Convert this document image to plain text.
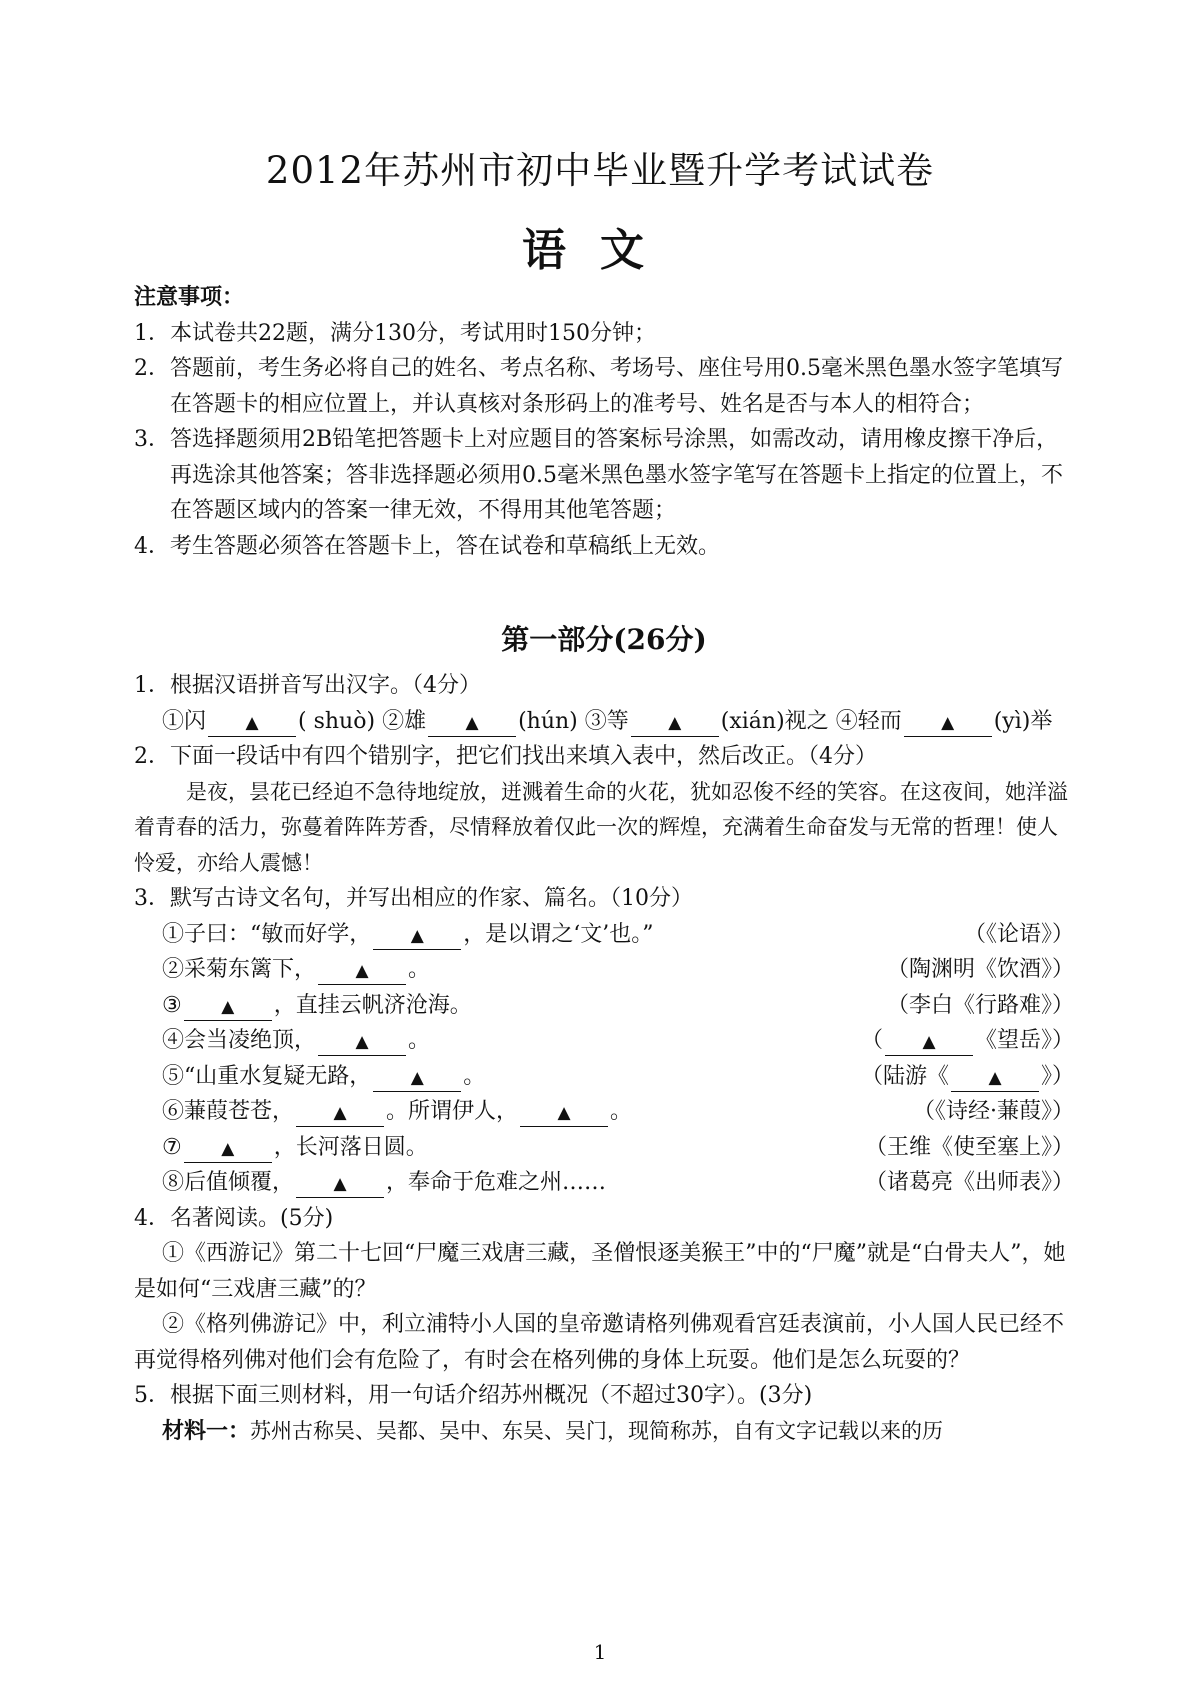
2012年苏州市初中毕业暨升学考试试卷
语文
注意事项：
1． 本试卷共22题，满分130分，考试用时150分钟；
2． 答题前，考生务必将自己的姓名、考点名称、考场号、座住号用0.5毫米黑色墨水签字笔填写在答题卡的相应位置上，并认真核对条形码上的准考号、姓名是否与本人的相符合；
3． 答选择题须用2B铅笔把答题卡上对应题目的答案标号涂黑，如需改动，请用橡皮擦干净后，再选涂其他答案；答非选择题必须用0.5毫米黑色墨水签字笔写在答题卡上指定的位置上，不在答题区域内的答案一律无效，不得用其他笔答题；
4． 考生答题必须答在答题卡上，答在试卷和草稿纸上无效。
第一部分(26分)
1． 根据汉语拼音写出汉字。（4分）
①闪 ▲ ( shuò) ②雄 ▲ (hún) ③等 ▲ (xián)视之 ④轻而 ▲ (yì)举
2． 下面一段话中有四个错别字，把它们找出来填入表中，然后改正。（4分）
是夜，昙花已经迫不急待地绽放，迸溅着生命的火花，犹如忍俊不经的笑容。在这夜间，她洋溢着青春的活力，弥蔓着阵阵芳香，尽情释放着仅此一次的辉煌，充满着生命奋发与无常的哲理！使人怜爱，亦给人震憾！
3． 默写古诗文名句，并写出相应的作家、篇名。（10分）
①子曰：“敏而好学， ▲ ，是以谓之‘文’也。”	（《论语》）
②采菊东篱下， ▲ 。	（陶渊明《饮酒》）
③ ▲ ，直挂云帆济沧海。	（李白《行路难》）
④会当凌绝顶， ▲ 。	（ ▲ 《望岳》）
⑤“山重水复疑无路， ▲ 。	（陆游《 ▲ 》）
⑥蒹葭苍苍， ▲ 。所谓伊人， ▲ 。	（《诗经·蒹葭》）
⑦ ▲ ，长河落日圆。	（王维《使至塞上》）
⑧后值倾覆， ▲ ，奉命于危难之州……	（诸葛亮《出师表》）
4． 名著阅读。(5分)
①《西游记》第二十七回“尸魔三戏唐三藏，圣僧恨逐美猴王”中的“尸魔”就是“白骨夫人”，她 是如何“三戏唐三藏”的？
②《格列佛游记》中，利立浦特小人国的皇帝邀请格列佛观看宫廷表演前，小人国人民已经不再觉得格列佛对他们会有危险了，有时会在格列佛的身体上玩耍。他们是怎么玩耍的？
5． 根据下面三则材料，用一句话介绍苏州概况（不超过30字）。(3分)
材料一：苏州古称吴、吴都、吴中、东吴、吴门，现简称苏，自有文字记载以来的历
1
